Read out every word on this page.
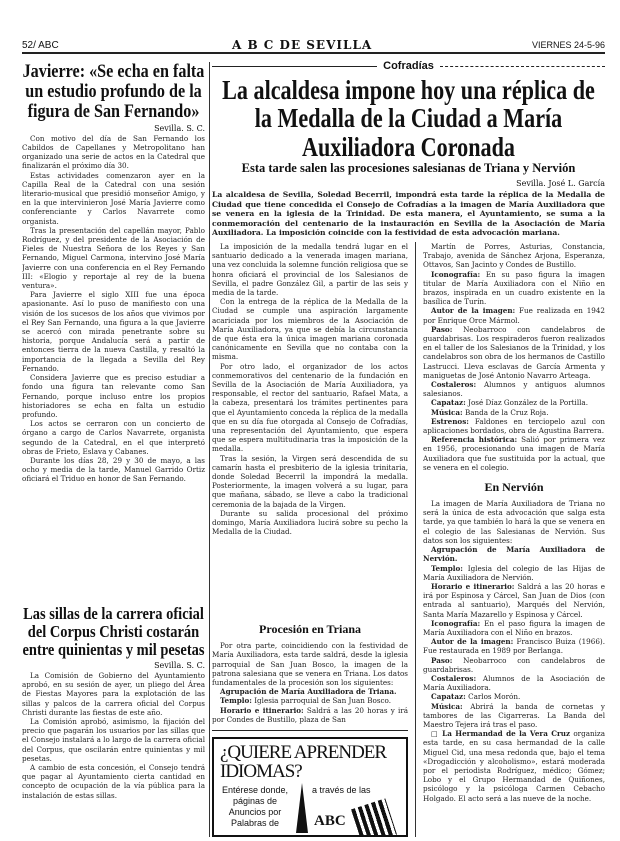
52/ ABC	A B C DE SEVILLA	VIERNES 24-5-96
Javierre: «Se echa en falta un estudio profundo de la figura de San Fernando»
Sevilla. S. C.

Con motivo del día de San Fernando los Cabildos de Capellanes y Metropolitano han organizado una serie de actos en la Catedral que finalizarán el próximo día 30.

Estas actividades comenzaron ayer en la Capilla Real de la Catedral con una sesión literario-musical que presidió monseñor Amigo, y en la que intervinieron José María Javierre como conferenciante y Carlos Navarrete como organista.

Tras la presentación del capellán mayor, Pablo Rodríguez, y del presidente de la Asociación de Fieles de Nuestra Señora de los Reyes y San Fernando, Miguel Carmona, intervino José María Javierre con una conferencia en el Rey Fernando III: «Elogio y reportaje al rey de la buena ventura».

Para Javierre el siglo XIII fue una época apasionante. Así lo puso de manifiesto con una visión de los sucesos de los años que vivimos por el Rey San Fernando, una figura a la que Javierre se acercó con mirada penetrante sobre su historia, porque Andalucía será a partir de entonces tierra de la nueva Castilla, y resaltó la importancia de la llegada a Sevilla del Rey Fernando.

Considera Javierre que es preciso estudiar a fondo una figura tan relevante como San Fernando, porque incluso entre los propios historiadores se echa en falta un estudio profundo.

Los actos se cerraron con un concierto de órgano a cargo de Carlos Navarrete, organista segundo de la Catedral, en el que interpretó obras de Frieto, Eslava y Cabanes.

Durante los días 28, 29 y 30 de mayo, a las ocho y media de la tarde, Manuel Garrido Ortiz oficiará el Triduo en honor de San Fernando.

Las sillas de la carrera oficial del Corpus Christi costarán entre quinientas y mil pesetas
Sevilla. S. C.

La Comisión de Gobierno del Ayuntamiento aprobó, en su sesión de ayer, un pliego del Área de Fiestas Mayores para la explotación de las sillas y palcos de la carrera oficial del Corpus Christi durante las fiestas de este año.

La Comisión aprobó, asimismo, la fijación del precio que pagarán los usuarios por las sillas que el Consejo instalará a lo largo de la carrera oficial del Corpus, que oscilarán entre quinientas y mil pesetas.

A cambio de esta concesión, el Consejo tendrá que pagar al Ayuntamiento cierta cantidad en concepto de ocupación de la vía pública para la instalación de estas sillas.

Cofradías
La alcaldesa impone hoy una réplica de la Medalla de la Ciudad a María Auxiliadora Coronada
Esta tarde salen las procesiones salesianas de Triana y Nervión
Sevilla. José L. García
La alcaldesa de Sevilla, Soledad Becerril, impondrá esta tarde la réplica de la Medalla de Ciudad que tiene concedida el Consejo de Cofradías a la imagen de María Auxiliadora que se venera en la iglesia de la Trinidad. De esta manera, el Ayuntamiento, se suma a la conmemoración del centenario de la instauración en Sevilla de la Asociación de María Auxiliadora. La imposición coincide con la festividad de esta advocación mariana.

La imposición de la medalla tendrá lugar en el santuario dedicado a la venerada imagen mariana, una vez concluida la solemne función religiosa que se honra oficiará el provincial de los Salesianos de Sevilla, el padre González Gil, a partir de las seis y media de la tarde.

Con la entrega de la réplica de la Medalla de la Ciudad se cumple una aspiración largamente acariciada por los miembros de la Asociación de María Auxiliadora, ya que se debía la circunstancia de que ésta era la única imagen mariana coronada canónicamente en Sevilla que no contaba con la misma.

Por otro lado, el organizador de los actos conmemorativos del centenario de la fundación en Sevilla de la Asociación de María Auxiliadora, ya responsable, el rector del santuario, Rafael Mata, a la cabeza, presentará los trámites pertinentes para que el Ayuntamiento conceda la réplica de la medalla que en su día fue otorgada al Consejo de Cofradías, una representación del Ayuntamiento, que espera que se espera multitudinaria tras la imposición de la medalla.

Tras la sesión, la Virgen será descendida de su camarín hasta el presbiterio de la iglesia trinitaria, donde Soledad Becerril la impondrá la medalla. Posteriormente, la imagen volverá a su lugar, para que mañana, sábado, se lleve a cabo la tradicional ceremonia de la bajada de la Virgen.

Durante su salida procesional del próximo domingo, María Auxiliadora lucirá sobre su pecho la Medalla de la Ciudad.

Procesión en Triana

Por otra parte, coincidiendo con la festividad de María Auxiliadora, esta tarde saldrá, desde la iglesia parroquial de San Juan Bosco, la imagen de la patrona salesiana que se venera en Triana. Los datos fundamentales de la procesión son los siguientes:

Agrupación de María Auxiliadora de Triana.

Templo: Iglesia parroquial de San Juan Bosco.

Horario e itinerario: Saldrá a las 20 horas y irá por Condes de Bustillo, plaza de San

¿QUIERE APRENDER IDIOMAS?
Entérese donde, páginas de Anuncios por Palabras de
a través de las
ABC

Martín de Porres, Asturias, Constancia, Trabajo, avenida de Sánchez Arjona, Esperanza, Ottavos, San Jacinto y Condes de Bustillo.

Iconografía: En su paso figura la imagen titular de María Auxiliadora con el Niño en brazos, inspirada en un cuadro existente en la basílica de Turín.

Autor de la imagen: Fue realizada en 1942 por Enrique Orce Mármol.

Paso: Neobarroco con candelabros de guardabrisas. Los respiraderos fueron realizados en el taller de los Salesianos de la Trinidad, y los candelabros son obra de los hermanos de Castillo Lastrucci. Lleva esclavas de García Armenta y maniguetas de José Antonio Navarro Arteaga.

Costaleros: Alumnos y antiguos alumnos salesianos.

Capataz: José Díaz González de la Portilla.

Música: Banda de la Cruz Roja.

Estrenos: Faldones en terciopelo azul con aplicaciones bordados, obra de Agustina Barrera.

Referencia histórica: Salió por primera vez en 1956, procesionando una imagen de María Auxiliadora que fue sustituida por la actual, que se venera en el colegio.

En Nervión

La imagen de María Auxiliadora de Triana no será la única de esta advocación que salga esta tarde, ya que también lo hará la que se venera en el colegio de las Salesianas de Nervión. Sus datos son los siguientes:

Agrupación de María Auxiliadora de Nervión.

Templo: Iglesia del colegio de las Hijas de María Auxiliadora de Nervión.

Horario e itinerario: Saldrá a las 20 horas e irá por Espinosa y Cárcel, San Juan de Dios (con entrada al santuario), Marqués del Nervión, Santa María Mazarello y Espinosa y Cárcel.

Iconografía: En el paso figura la imagen de María Auxiliadora con el Niño en brazos.

Autor de la imagen: Francisco Buiza (1966). Fue restaurada en 1989 por Berlanga.

Paso: Neobarroco con candelabros de guardabrisas.

Costaleros: Alumnos de la Asociación de María Auxiliadora.

Capataz: Carlos Morón.

Música: Abrirá la banda de cornetas y tambores de las Cigarreras. La Banda del Maestro Tejera irá tras el paso.

□ La Hermandad de la Vera Cruz organiza esta tarde, en su casa hermandad de la calle Miguel Cid, una mesa redonda que, bajo el tema «Drogadicción y alcoholismo», estará moderada por el periodista Rodríguez, médico; Gómez; Lobo y el Grupo Hermandad de Quiñones, psicólogo y la psicóloga Carmen Cebacho Holgado. El acto será a las nueve de la noche.
